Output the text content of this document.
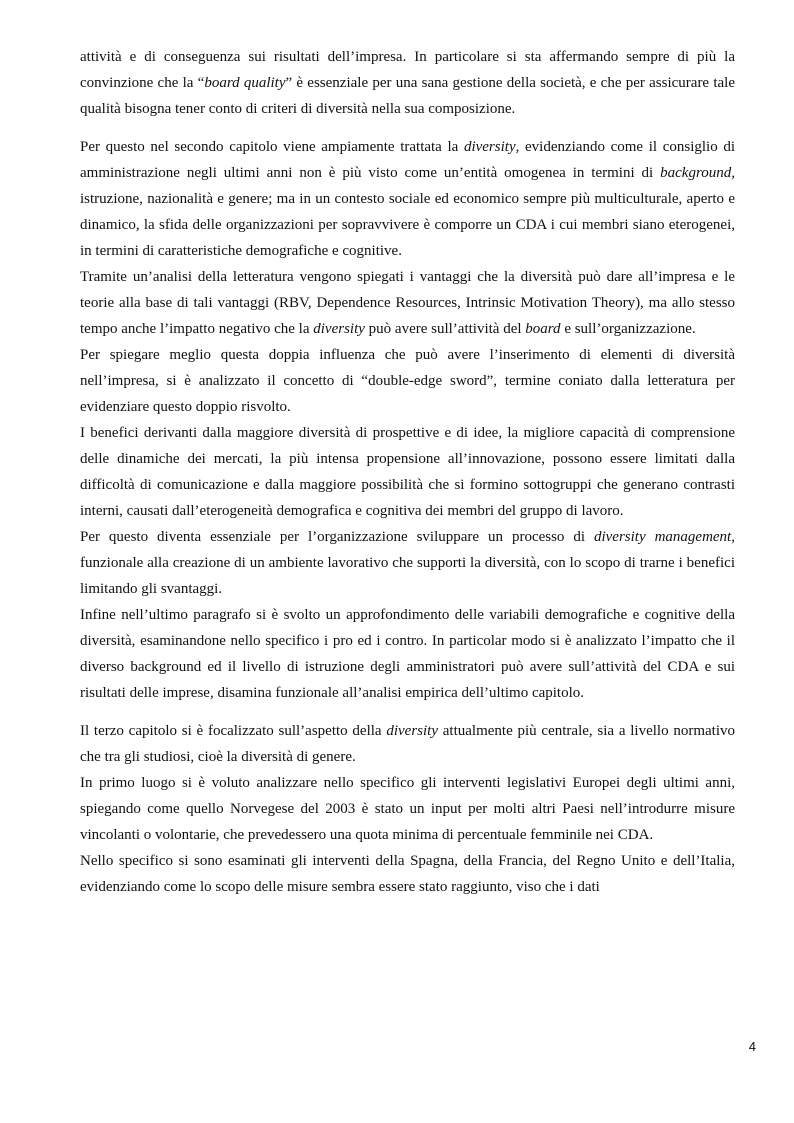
attività e di conseguenza sui risultati dell’impresa. In particolare si sta affermando sempre di più la convinzione che la “board quality” è essenziale per una sana gestione della società, e che per assicurare tale qualità bisogna tener conto di criteri di diversità nella sua composizione.

Per questo nel secondo capitolo viene ampiamente trattata la diversity, evidenziando come il consiglio di amministrazione negli ultimi anni non è più visto come un’entità omogenea in termini di background, istruzione, nazionalità e genere; ma in un contesto sociale ed economico sempre più multiculturale, aperto e dinamico, la sfida delle organizzazioni per sopravvivere è comporre un CDA i cui membri siano eterogenei, in termini di caratteristiche demografiche e cognitive.

Tramite un’analisi della letteratura vengono spiegati i vantaggi che la diversità può dare all’impresa e le teorie alla base di tali vantaggi (RBV, Dependence Resources, Intrinsic Motivation Theory), ma allo stesso tempo anche l’impatto negativo che la diversity può avere sull’attività del board e sull’organizzazione.

Per spiegare meglio questa doppia influenza che può avere l’inserimento di elementi di diversità nell’impresa, si è analizzato il concetto di “double-edge sword”, termine coniato dalla letteratura per evidenziare questo doppio risvolto.

I benefici derivanti dalla maggiore diversità di prospettive e di idee, la migliore capacità di comprensione delle dinamiche dei mercati, la più intensa propensione all’innovazione, possono essere limitati dalla difficoltà di comunicazione e dalla maggiore possibilità che si formino sottogruppi che generano contrasti interni, causati dall’eterogeneità demografica e cognitiva dei membri del gruppo di lavoro.

Per questo diventa essenziale per l’organizzazione sviluppare un processo di diversity management, funzionale alla creazione di un ambiente lavorativo che supporti la diversità, con lo scopo di trarne i benefici limitando gli svantaggi.

Infine nell’ultimo paragrafo si è svolto un approfondimento delle variabili demografiche e cognitive della diversità, esaminandone nello specifico i pro ed i contro. In particolar modo si è analizzato l’impatto che il diverso background ed il livello di istruzione degli amministratori può avere sull’attività del CDA e sui risultati delle imprese, disamina funzionale all’analisi empirica dell’ultimo capitolo.

Il terzo capitolo si è focalizzato sull’aspetto della diversity attualmente più centrale, sia a livello normativo che tra gli studiosi, cioè la diversità di genere.

In primo luogo si è voluto analizzare nello specifico gli interventi legislativi Europei degli ultimi anni, spiegando come quello Norvegese del 2003 è stato un input per molti altri Paesi nell’introdurre misure vincolanti o volontarie, che prevedessero una quota minima di percentuale femminile nei CDA.

Nello specifico si sono esaminati gli interventi della Spagna, della Francia, del Regno Unito e dell’Italia, evidenziando come lo scopo delle misure sembra essere stato raggiunto, viso che i dati

4
